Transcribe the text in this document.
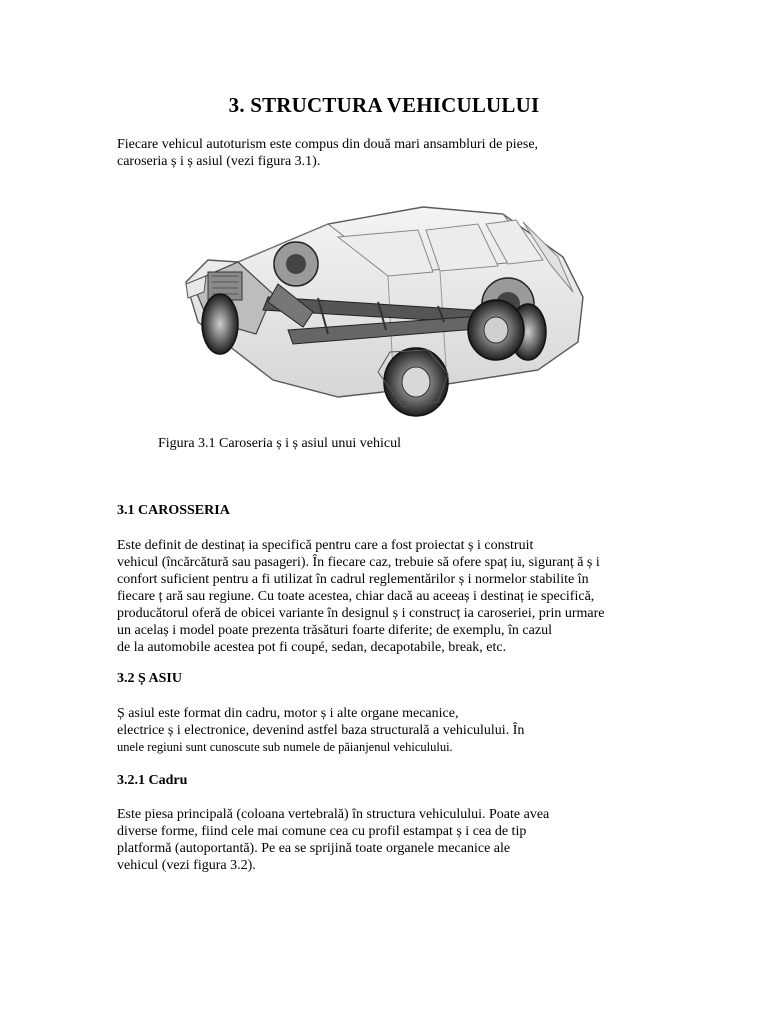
3. STRUCTURA VEHICULULUI
Fiecare vehicul autoturism este compus din două mari ansambluri de piese,
caroseria ș i ș asiul (vezi figura 3.1).
Figura 3.1 Caroseria ș i ș asiul unui vehicul
3.1 CAROSSERIA
Este definit de destinaț ia specifică pentru care a fost proiectat ș i construit
vehicul (încărcătură sau pasageri). În fiecare caz, trebuie să ofere spaț iu, siguranț ă ș i
confort suficient pentru a fi utilizat în cadrul reglementărilor ș i normelor stabilite în
fiecare ț ară sau regiune. Cu toate acestea, chiar dacă au aceeaș i destinaț ie specifică,
producătorul oferă de obicei variante în designul ș i construcț ia caroseriei, prin urmare
un acelaș i model poate prezenta trăsături foarte diferite; de exemplu, în cazul
de la automobile acestea pot fi coupé, sedan, decapotabile, break, etc.
3.2 Ș ASIU
Ș asiul este format din cadru, motor ș i alte organe mecanice,
electrice ș i electronice, devenind astfel baza structurală a vehiculului. În
unele regiuni sunt cunoscute sub numele de păianjenul vehiculului.
3.2.1 Cadru
Este piesa principală (coloana vertebrală) în structura vehiculului. Poate avea
diverse forme, fiind cele mai comune cea cu profil estampat ș i cea de tip
platformă (autoportantă). Pe ea se sprijină toate organele mecanice ale
vehicul (vezi figura 3.2).
